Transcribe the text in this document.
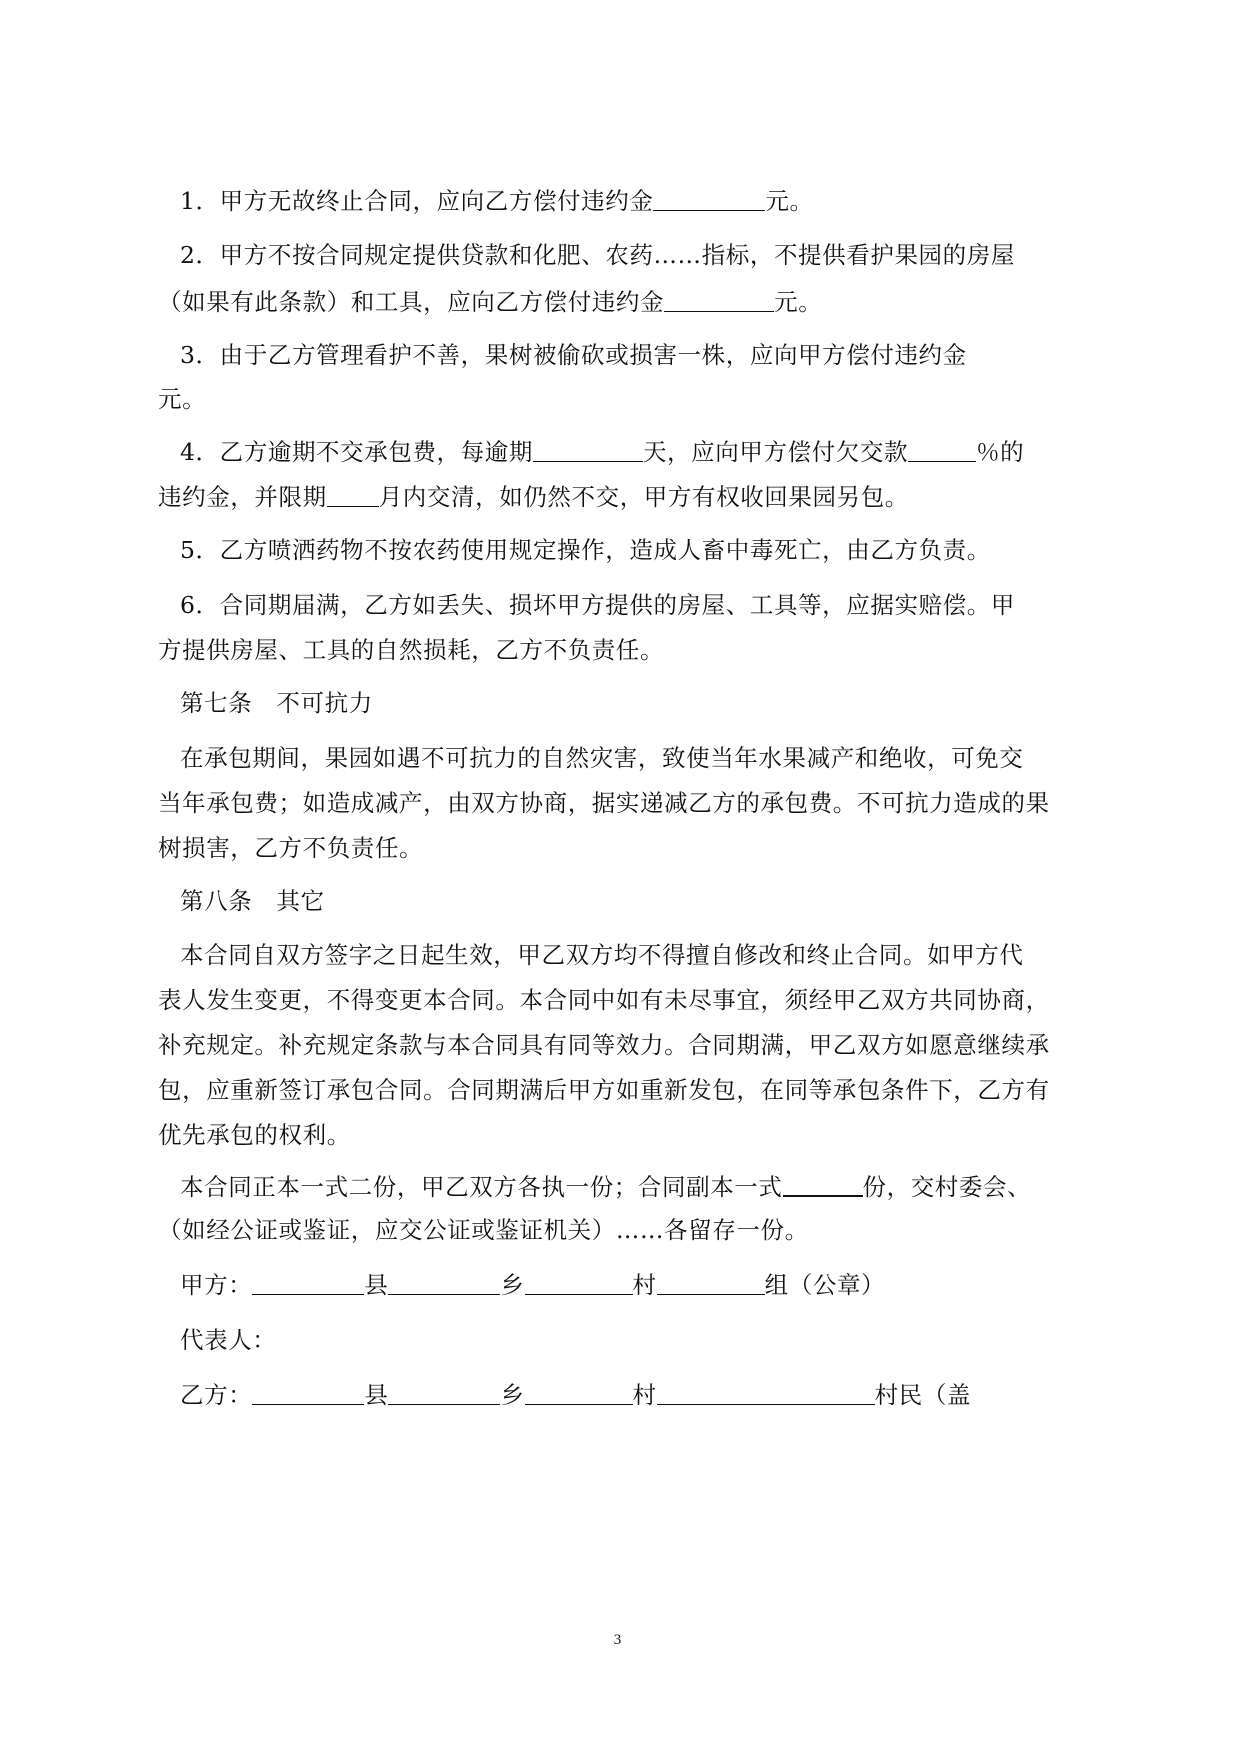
1．甲方无故终止合同，应向乙方偿付违约金	元。
2．甲方不按合同规定提供贷款和化肥、农药……指标，不提供看护果园的房屋
（如果有此条款）和工具，应向乙方偿付违约金	元。
3．由于乙方管理看护不善，果树被偷砍或损害一株，应向甲方偿付违约金
元。
4．乙方逾期不交承包费，每逾期	天，应向甲方偿付欠交款	％的
违约金，并限期 月内交清，如仍然不交，甲方有权收回果园另包。
5．乙方喷洒药物不按农药使用规定操作，造成人畜中毒死亡，由乙方负责。
6．合同期届满，乙方如丢失、损坏甲方提供的房屋、工具等，应据实赔偿。甲
方提供房屋、工具的自然损耗，乙方不负责任。
第七条　不可抗力
在承包期间，果园如遇不可抗力的自然灾害，致使当年水果减产和绝收，可免交
当年承包费；如造成减产，由双方协商，据实递减乙方的承包费。不可抗力造成的果
树损害，乙方不负责任。
第八条　其它
本合同自双方签字之日起生效，甲乙双方均不得擅自修改和终止合同。如甲方代
表人发生变更，不得变更本合同。本合同中如有未尽事宜，须经甲乙双方共同协商，
补充规定。补充规定条款与本合同具有同等效力。合同期满，甲乙双方如愿意继续承
包，应重新签订承包合同。合同期满后甲方如重新发包，在同等承包条件下，乙方有
优先承包的权利。
本合同正本一式二份，甲乙双方各执一份；合同副本一式	份，交村委会、
（如经公证或鉴证，应交公证或鉴证机关）……各留存一份。
甲方：	县	乡	村	组（公章）
代表人：
乙方：	县	乡	村	村民（盖
3
